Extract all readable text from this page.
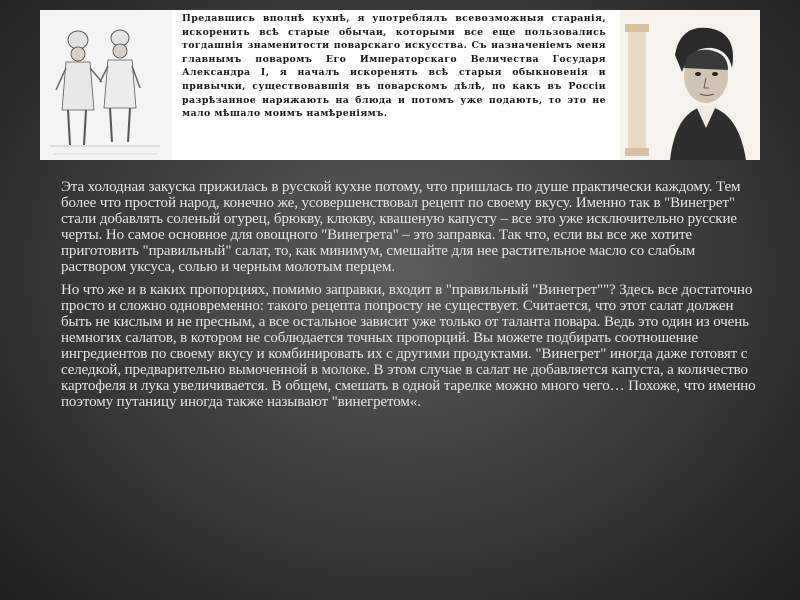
Предавшись вполнѣ кухнѣ, я употреблялъ всевозможныя старанія, искоренить всѣ старые обычаи, которыми все еще пользовались тогдашнія знаменитости поварскаго искусства. Съ назначеніемъ меня главнымъ поваромъ Его Императорскаго Величества Государя Александра I, я началъ искоренять всѣ старыя обыкновенія и привычки, существовавшія въ поварскомъ дѣлѣ, по какъ въ Россіи разрѣзанное наряжають на блюда и потомъ уже подають, то это не мало мѣшало моимъ намѣреніямъ.

Эта холодная закуска прижилась в русской кухне потому, что пришлась по душе практически каждому. Тем более что простой народ, конечно же, усовершенствовал рецепт по своему вкусу. Именно так в "Винегрет" стали добавлять соленый огурец, брюкву, клюкву, квашеную капусту – все это уже исключительно русские черты. Но самое основное для овощного "Винегрета" – это заправка. Так что, если вы все же хотите приготовить "правильный" салат, то, как минимум, смешайте для нее растительное масло со слабым раствором уксуса, солью и черным молотым перцем.

Но что же и в каких пропорциях, помимо заправки, входит в "правильный "Винегрет""? Здесь все достаточно просто и сложно одновременно: такого рецепта попросту не существует. Считается, что этот салат должен быть не кислым и не пресным, а все остальное зависит уже только от таланта повара. Ведь это один из очень немногих салатов, в котором не соблюдается точных пропорций. Вы можете подбирать соотношение ингредиентов по своему вкусу и комбинировать их с другими продуктами. "Винегрет" иногда даже готовят с селедкой, предварительно вымоченной в молоке. В этом случае в салат не добавляется капуста, а количество картофеля и лука увеличивается. В общем, смешать в одной тарелке можно много чего… Похоже, что именно поэтому путаницу иногда также называют "винегретом«.
